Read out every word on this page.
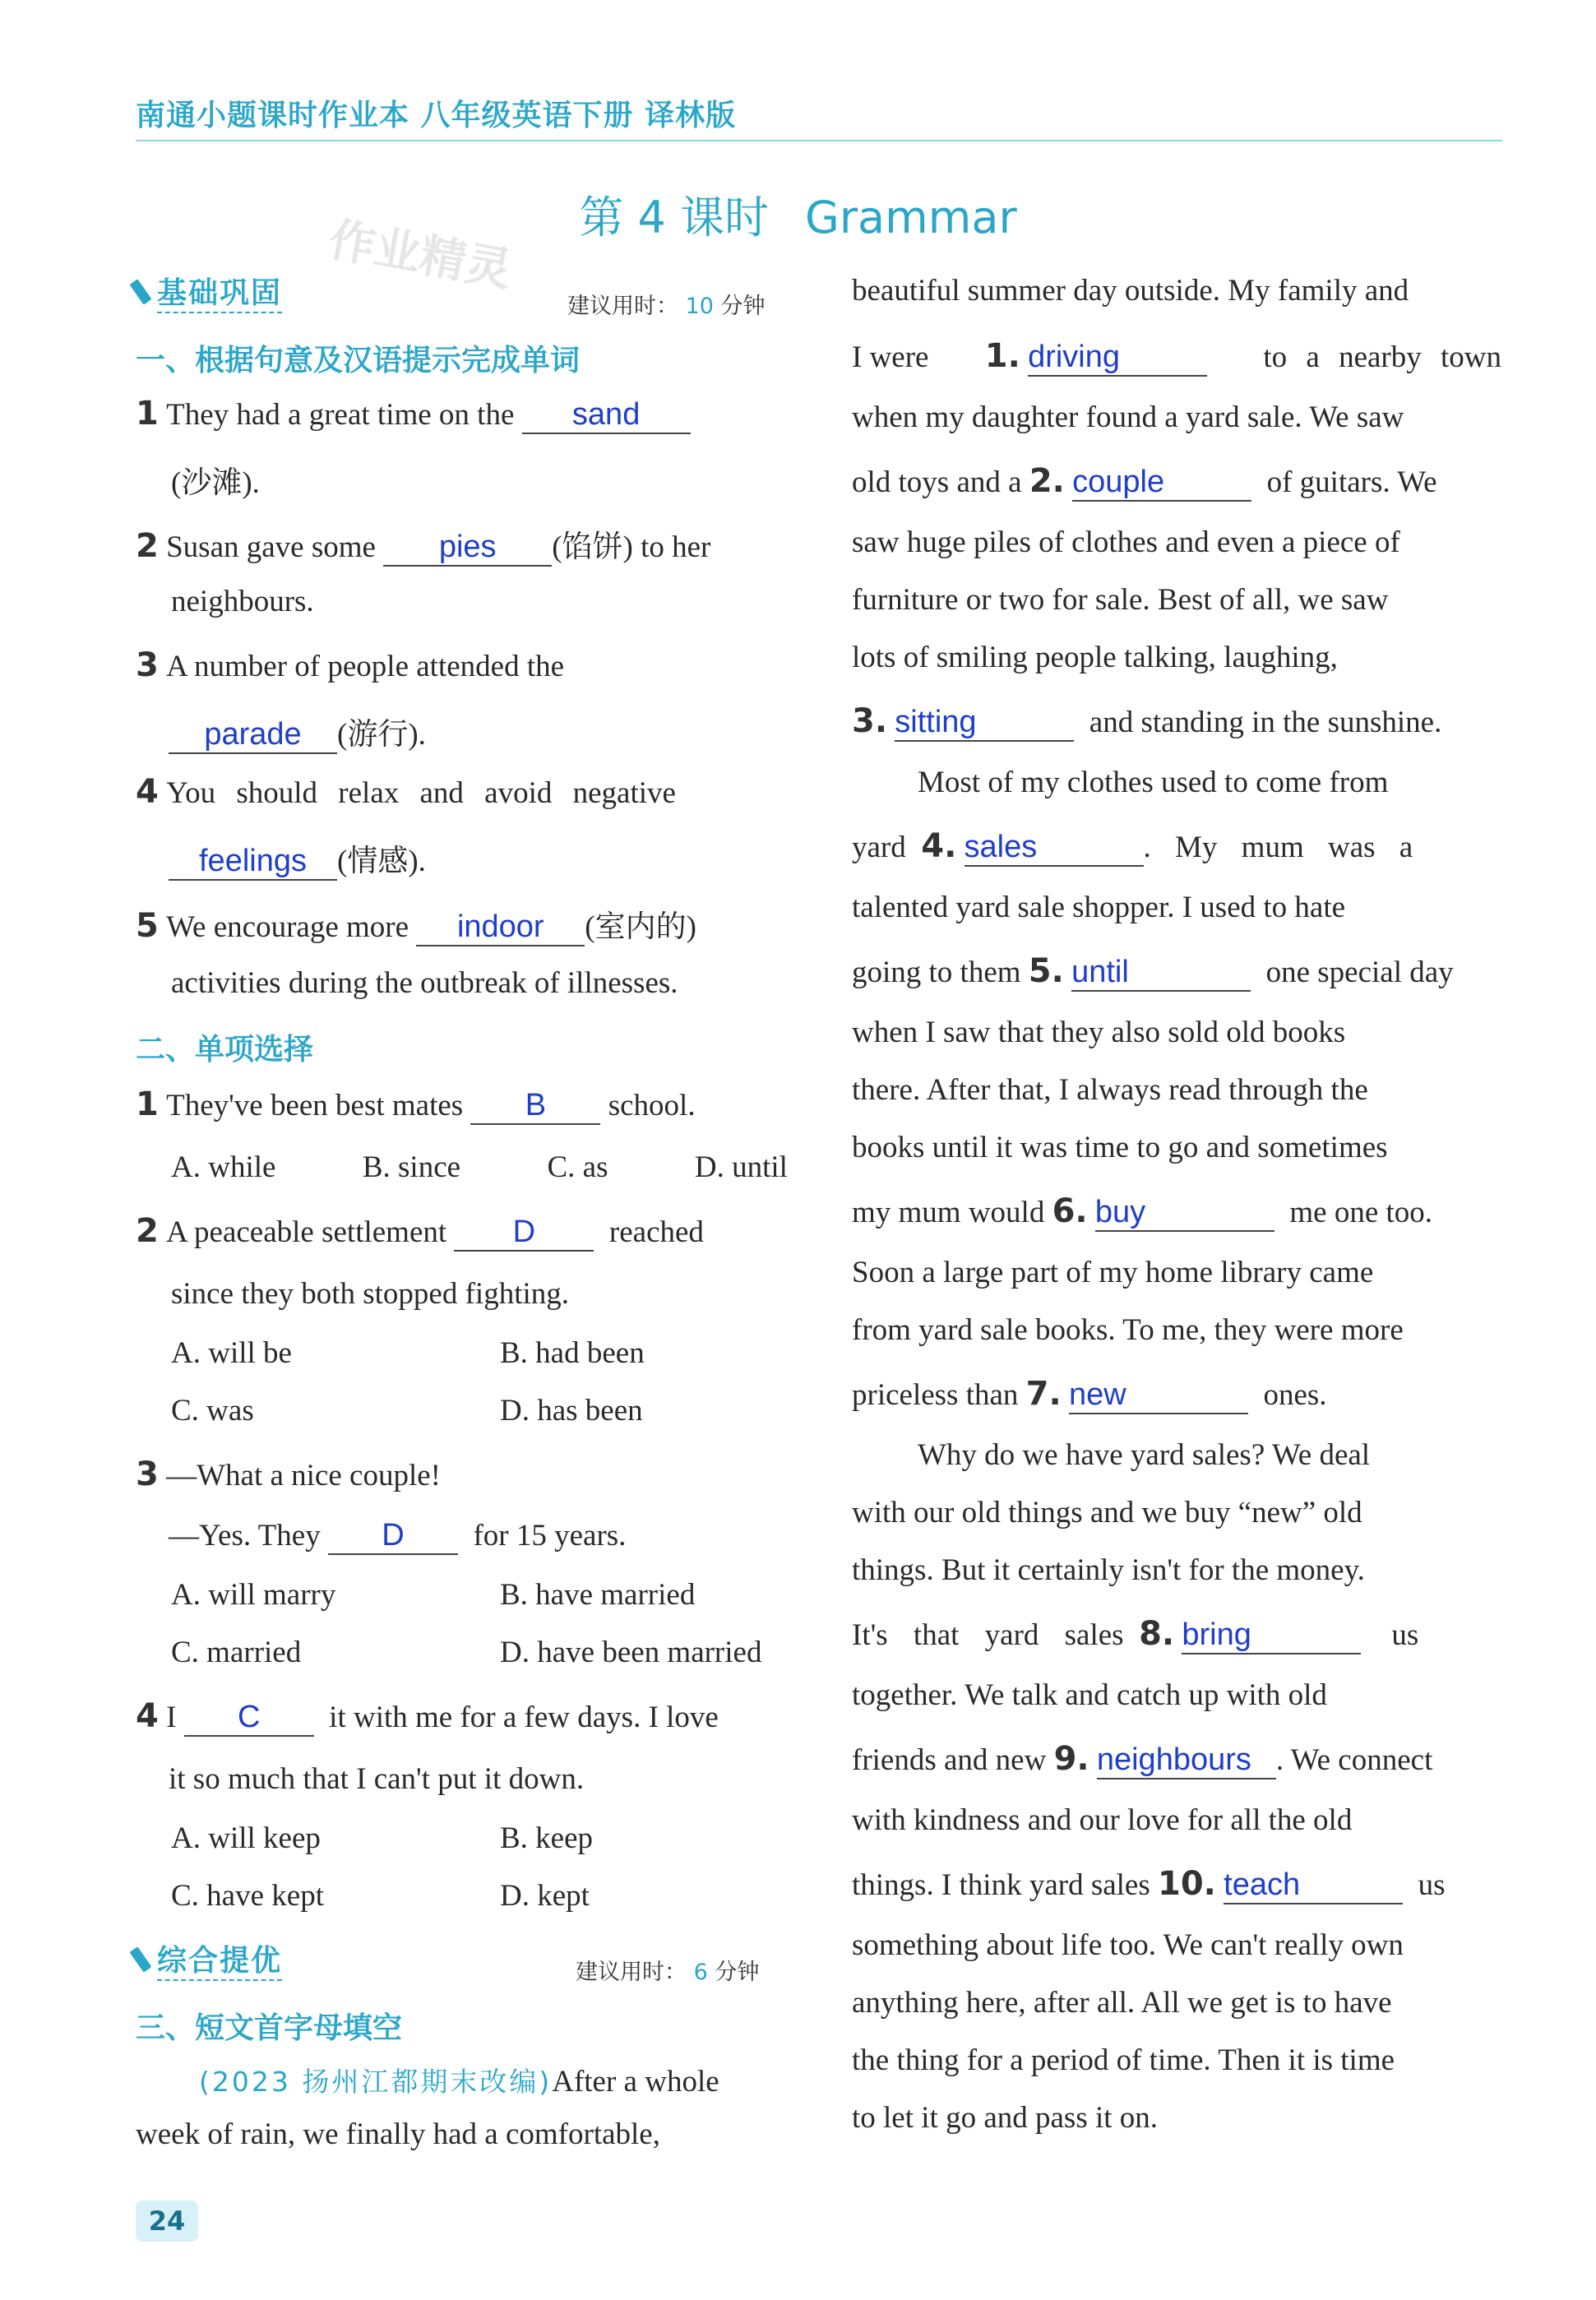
南通小题课时作业本 八年级英语下册 译林版
第 4 课时 Grammar
作业精灵
基础巩固	建议用时： 10 分钟
一、根据句意及汉语提示完成单词
1 They had a great time on the sand
(沙滩).
2 Susan gave some pies (馅饼) to her
neighbours.
3 A number of people attended the
parade (游行).
4 You should relax and avoid negative
feelings (情感).
5 We encourage more indoor (室内的)
activities during the outbreak of illnesses.
二、单项选择
1 They've been best mates B school.
A. while	B. since	C. as	D. until
2 A peaceable settlement D reached
since they both stopped fighting.
A. will be	B. had been
C. was	D. has been
3 —What a nice couple!
—Yes. They D for 15 years.
A. will marry	B. have married
C. married	D. have been married
4 I C it with me for a few days. I love
it so much that I can't put it down.
A. will keep	B. keep
C. have kept	D. kept
综合提优	建议用时： 6 分钟
三、短文首字母填空
(2023 扬州江都期末改编)After a whole
week of rain, we finally had a comfortable,
beautiful summer day outside. My family and
I were 1. driving	to a nearby town
when my daughter found a yard sale. We saw
old toys and a 2. couple	of guitars. We
saw huge piles of clothes and even a piece of
furniture or two for sale. Best of all, we saw
lots of smiling people talking, laughing,
3. sitting	and standing in the sunshine.
Most of my clothes used to come from
yard 4. sales	. My mum was a
talented yard sale shopper. I used to hate
going to them 5. until	one special day
when I saw that they also sold old books
there. After that, I always read through the
books until it was time to go and sometimes
my mum would 6. buy	me one too.
Soon a large part of my home library came
from yard sale books. To me, they were more
priceless than 7. new	ones.
Why do we have yard sales? We deal
with our old things and we buy “new” old
things. But it certainly isn't for the money.
It's that yard sales 8. bring	us
together. We talk and catch up with old
friends and new 9. neighbours . We connect
with kindness and our love for all the old
things. I think yard sales 10. teach	us
something about life too. We can't really own
anything here, after all. All we get is to have
the thing for a period of time. Then it is time
to let it go and pass it on.
24
